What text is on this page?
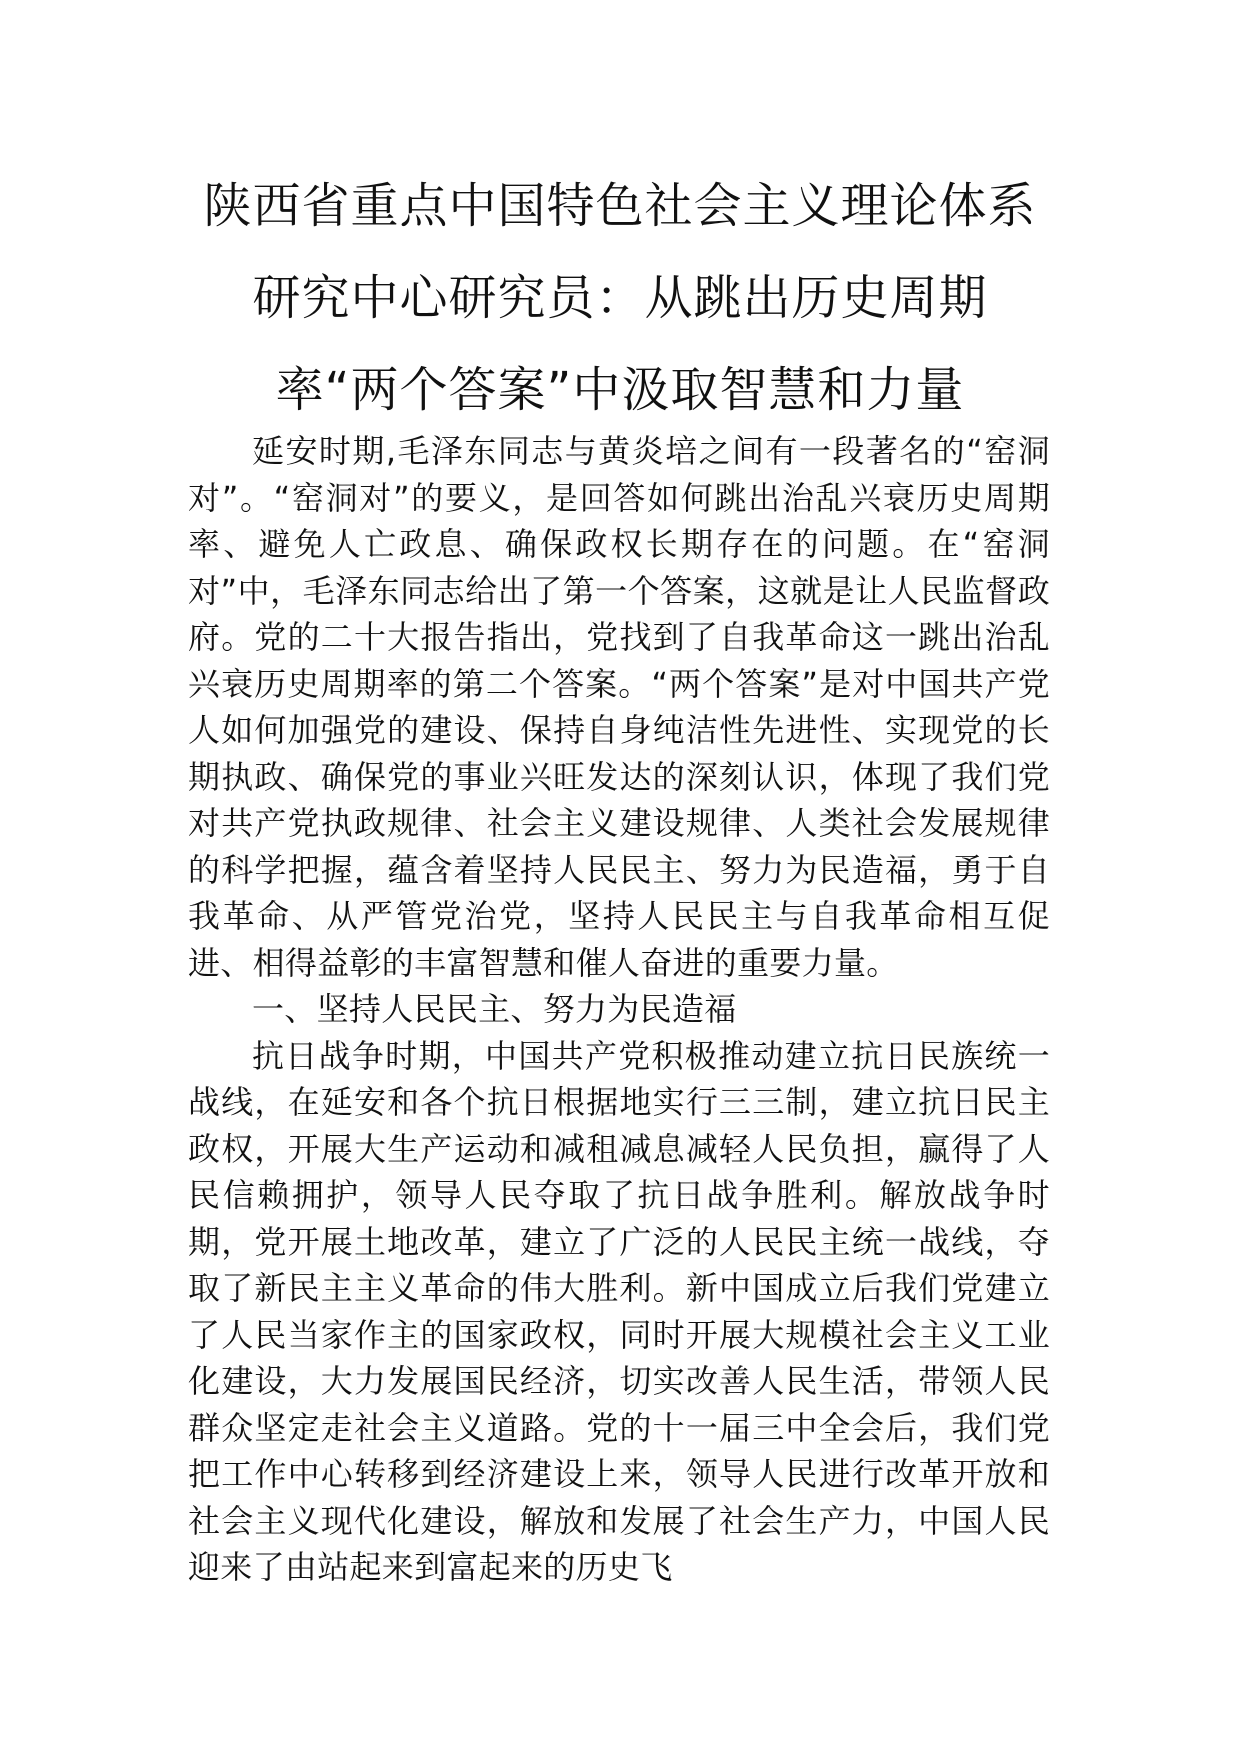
陕西省重点中国特色社会主义理论体系研究中心研究员：从跳出历史周期率“两个答案”中汲取智慧和力量

延安时期,毛泽东同志与黄炎培之间有一段著名的“窑洞对”。“窑洞对”的要义，是回答如何跳出治乱兴衰历史周期率、避免人亡政息、确保政权长期存在的问题。在“窑洞对”中，毛泽东同志给出了第一个答案，这就是让人民监督政府。党的二十大报告指出，党找到了自我革命这一跳出治乱兴衰历史周期率的第二个答案。“两个答案”是对中国共产党人如何加强党的建设、保持自身纯洁性先进性、实现党的长期执政、确保党的事业兴旺发达的深刻认识，体现了我们党对共产党执政规律、社会主义建设规律、人类社会发展规律的科学把握，蕴含着坚持人民民主、努力为民造福，勇于自我革命、从严管党治党，坚持人民民主与自我革命相互促进、相得益彰的丰富智慧和催人奋进的重要力量。

一、坚持人民民主、努力为民造福

抗日战争时期，中国共产党积极推动建立抗日民族统一战线，在延安和各个抗日根据地实行三三制，建立抗日民主政权，开展大生产运动和减租减息减轻人民负担，赢得了人民信赖拥护，领导人民夺取了抗日战争胜利。解放战争时期，党开展土地改革，建立了广泛的人民民主统一战线，夺取了新民主主义革命的伟大胜利。新中国成立后我们党建立了人民当家作主的国家政权，同时开展大规模社会主义工业化建设，大力发展国民经济，切实改善人民生活，带领人民群众坚定走社会主义道路。党的十一届三中全会后，我们党把工作中心转移到经济建设上来，领导人民进行改革开放和社会主义现代化建设，解放和发展了社会生产力，中国人民迎来了由站起来到富起来的历史飞
